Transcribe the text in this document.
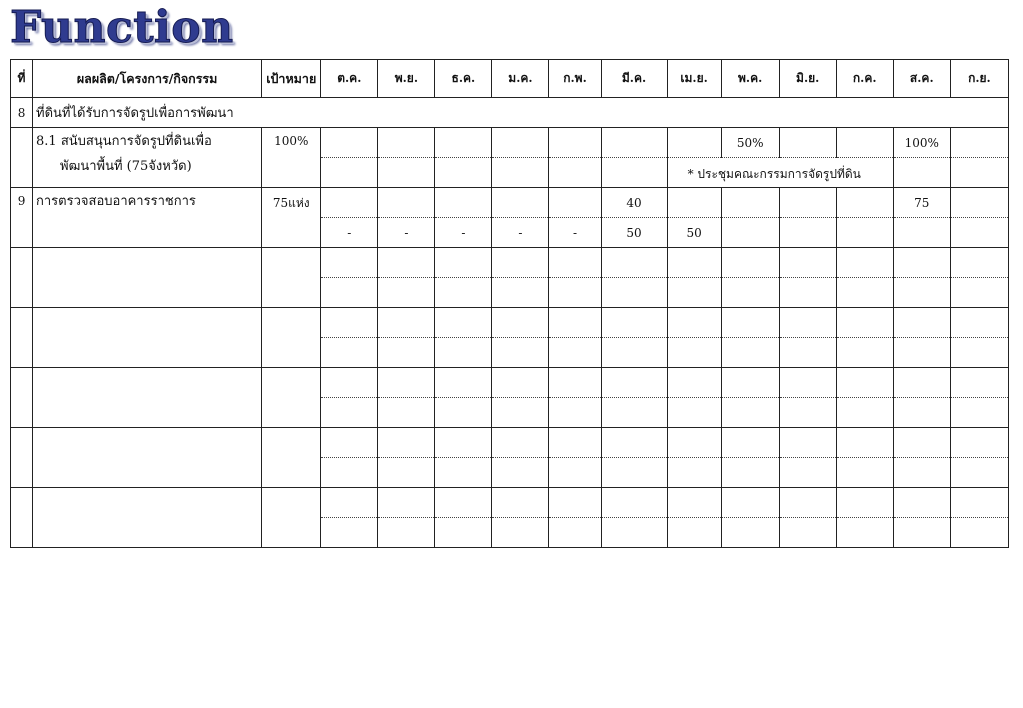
Function
ที่	ผลผลิต/โครงการ/กิจกรรม	เป้าหมาย	ต.ค.	พ.ย.	ธ.ค.	ม.ค.	ก.พ.	มี.ค.	เม.ย.	พ.ค.	มิ.ย.	ก.ค.	ส.ค.	ก.ย.
8	ที่ดินที่ได้รับการจัดรูปเพื่อการพัฒนา													

	8.1 สนับสนุนการจัดรูปที่ดินเพื่อ
พัฒนาพื้นที่ (75จังหวัด)	100%								50%			100%	

									* ประชุมคณะกรรมการจัดรูปที่ดิน					

9	การตรวจสอบอาคารราชการ	75แห่ง						40					75	
			-	-	-	-	-	50	50					
